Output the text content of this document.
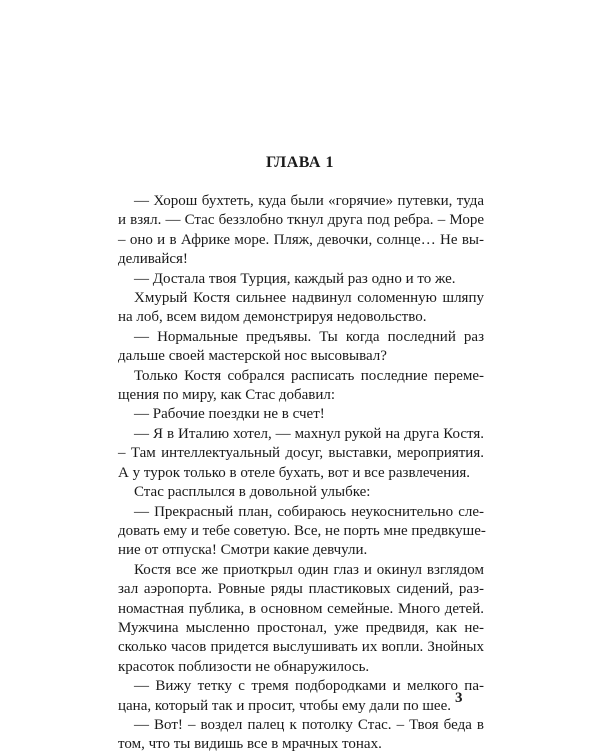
ГЛАВА 1
— Хорош бухтеть, куда были «горячие» путевки, туда
и взял. — Стас беззлобно ткнул друга под ребра. – Море
– оно и в Африке море. Пляж, девочки, солнце… Не вы-
деливайся!
— Достала твоя Турция, каждый раз одно и то же.
Хмурый Костя сильнее надвинул соломенную шляпу
на лоб, всем видом демонстрируя недовольство.
— Нормальные предъявы. Ты когда последний раз
дальше своей мастерской нос высовывал?
Только Костя собрался расписать последние переме-
щения по миру, как Стас добавил:
— Рабочие поездки не в счет!
— Я в Италию хотел, — махнул рукой на друга Костя.
– Там интеллектуальный досуг, выставки, мероприятия.
А у турок только в отеле бухать, вот и все развлечения.
Стас расплылся в довольной улыбке:
— Прекрасный план, собираюсь неукоснительно сле-
довать ему и тебе советую. Все, не порть мне предвкуше-
ние от отпуска! Смотри какие девчули.
Костя все же приоткрыл один глаз и окинул взглядом
зал аэропорта. Ровные ряды пластиковых сидений, раз-
номастная публика, в основном семейные. Много детей.
Мужчина мысленно простонал, уже предвидя, как не-
сколько часов придется выслушивать их вопли. Знойных
красоток поблизости не обнаружилось.
— Вижу тетку с тремя подбородками и мелкого па-
цана, который так и просит, чтобы ему дали по шее.
— Вот! – воздел палец к потолку Стас. – Твоя беда в
том, что ты видишь все в мрачных тонах.
3
